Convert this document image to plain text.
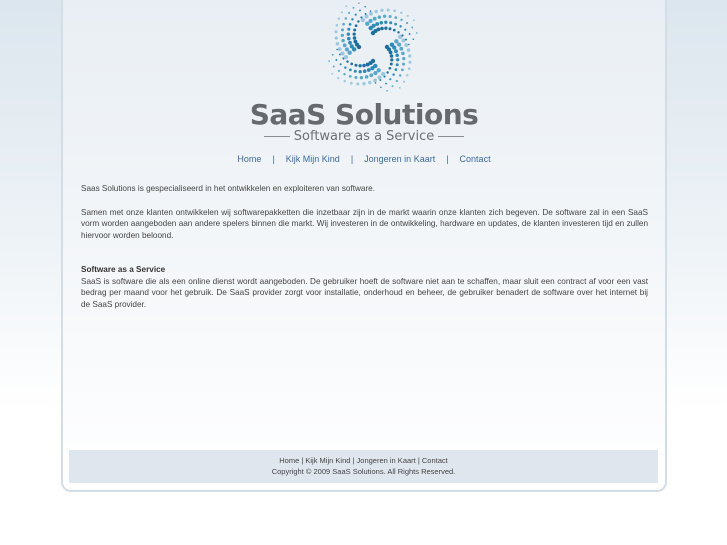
SaaS Solutions
Software as a Service
Home | Kijk Mijn Kind | Jongeren in Kaart | Contact

Saas Solutions is gespecialiseerd in het ontwikkelen en exploiteren van software.

Samen met onze klanten ontwikkelen wij softwarepakketten die inzetbaar zijn in de markt waarin onze klanten zich begeven. De software zal in een SaaS vorm worden aangeboden aan andere spelers binnen die markt. Wij investeren in de ontwikkeling, hardware en updates, de klanten investeren tijd en zullen hiervoor worden beloond.

Software as a Service

SaaS is software die als een online dienst wordt aangeboden. De gebruiker hoeft de software niet aan te schaffen, maar sluit een contract af voor een vast bedrag per maand voor het gebruik. De SaaS provider zorgt voor installatie, onderhoud en beheer, de gebruiker benadert de software over het internet bij de SaaS provider.

Home | Kijk Mijn Kind | Jongeren in Kaart | Contact
Copyright © 2009 SaaS Solutions. All Rights Reserved.
